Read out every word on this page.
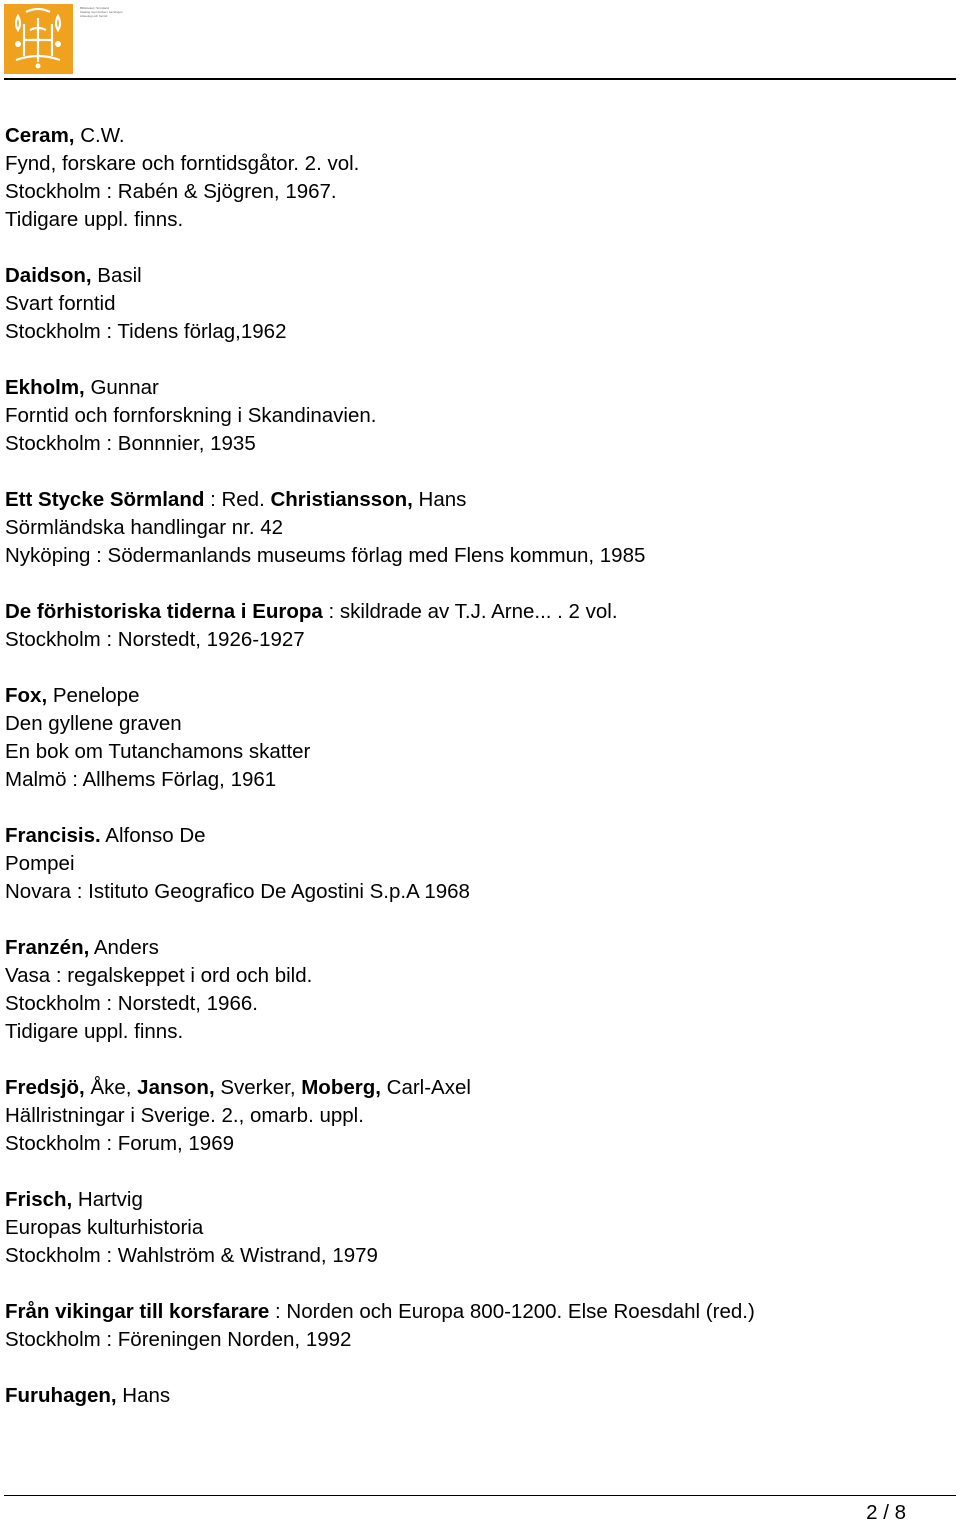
Biblioteket i Sörmland
Katalog över böcker i samlingen
Arkeologi och forntid
Ceram, C.W.
Fynd, forskare och forntidsgåtor. 2. vol.
Stockholm : Rabén & Sjögren, 1967.
Tidigare uppl. finns.
Daidson, Basil
Svart forntid
Stockholm : Tidens förlag,1962
Ekholm, Gunnar
Forntid och fornforskning i Skandinavien.
Stockholm : Bonnnier, 1935
Ett Stycke Sörmland : Red. Christiansson, Hans
Sörmländska handlingar nr. 42
Nyköping : Södermanlands museums förlag med Flens kommun, 1985
De förhistoriska tiderna i Europa : skildrade av T.J. Arne... . 2 vol.
Stockholm : Norstedt, 1926-1927
Fox, Penelope
Den gyllene graven
En bok om Tutanchamons skatter
Malmö : Allhems Förlag, 1961
Francisis. Alfonso De
Pompei
Novara : Istituto Geografico De Agostini S.p.A 1968
Franzén, Anders
Vasa : regalskeppet i ord och bild.
Stockholm : Norstedt, 1966.
Tidigare uppl. finns.
Fredsjö, Åke, Janson, Sverker, Moberg, Carl-Axel
Hällristningar i Sverige. 2., omarb. uppl.
Stockholm : Forum, 1969
Frisch, Hartvig
Europas kulturhistoria
Stockholm : Wahlström & Wistrand, 1979
Från vikingar till korsfarare : Norden och Europa 800-1200. Else Roesdahl (red.)
Stockholm : Föreningen Norden, 1992
Furuhagen, Hans
2 / 8
